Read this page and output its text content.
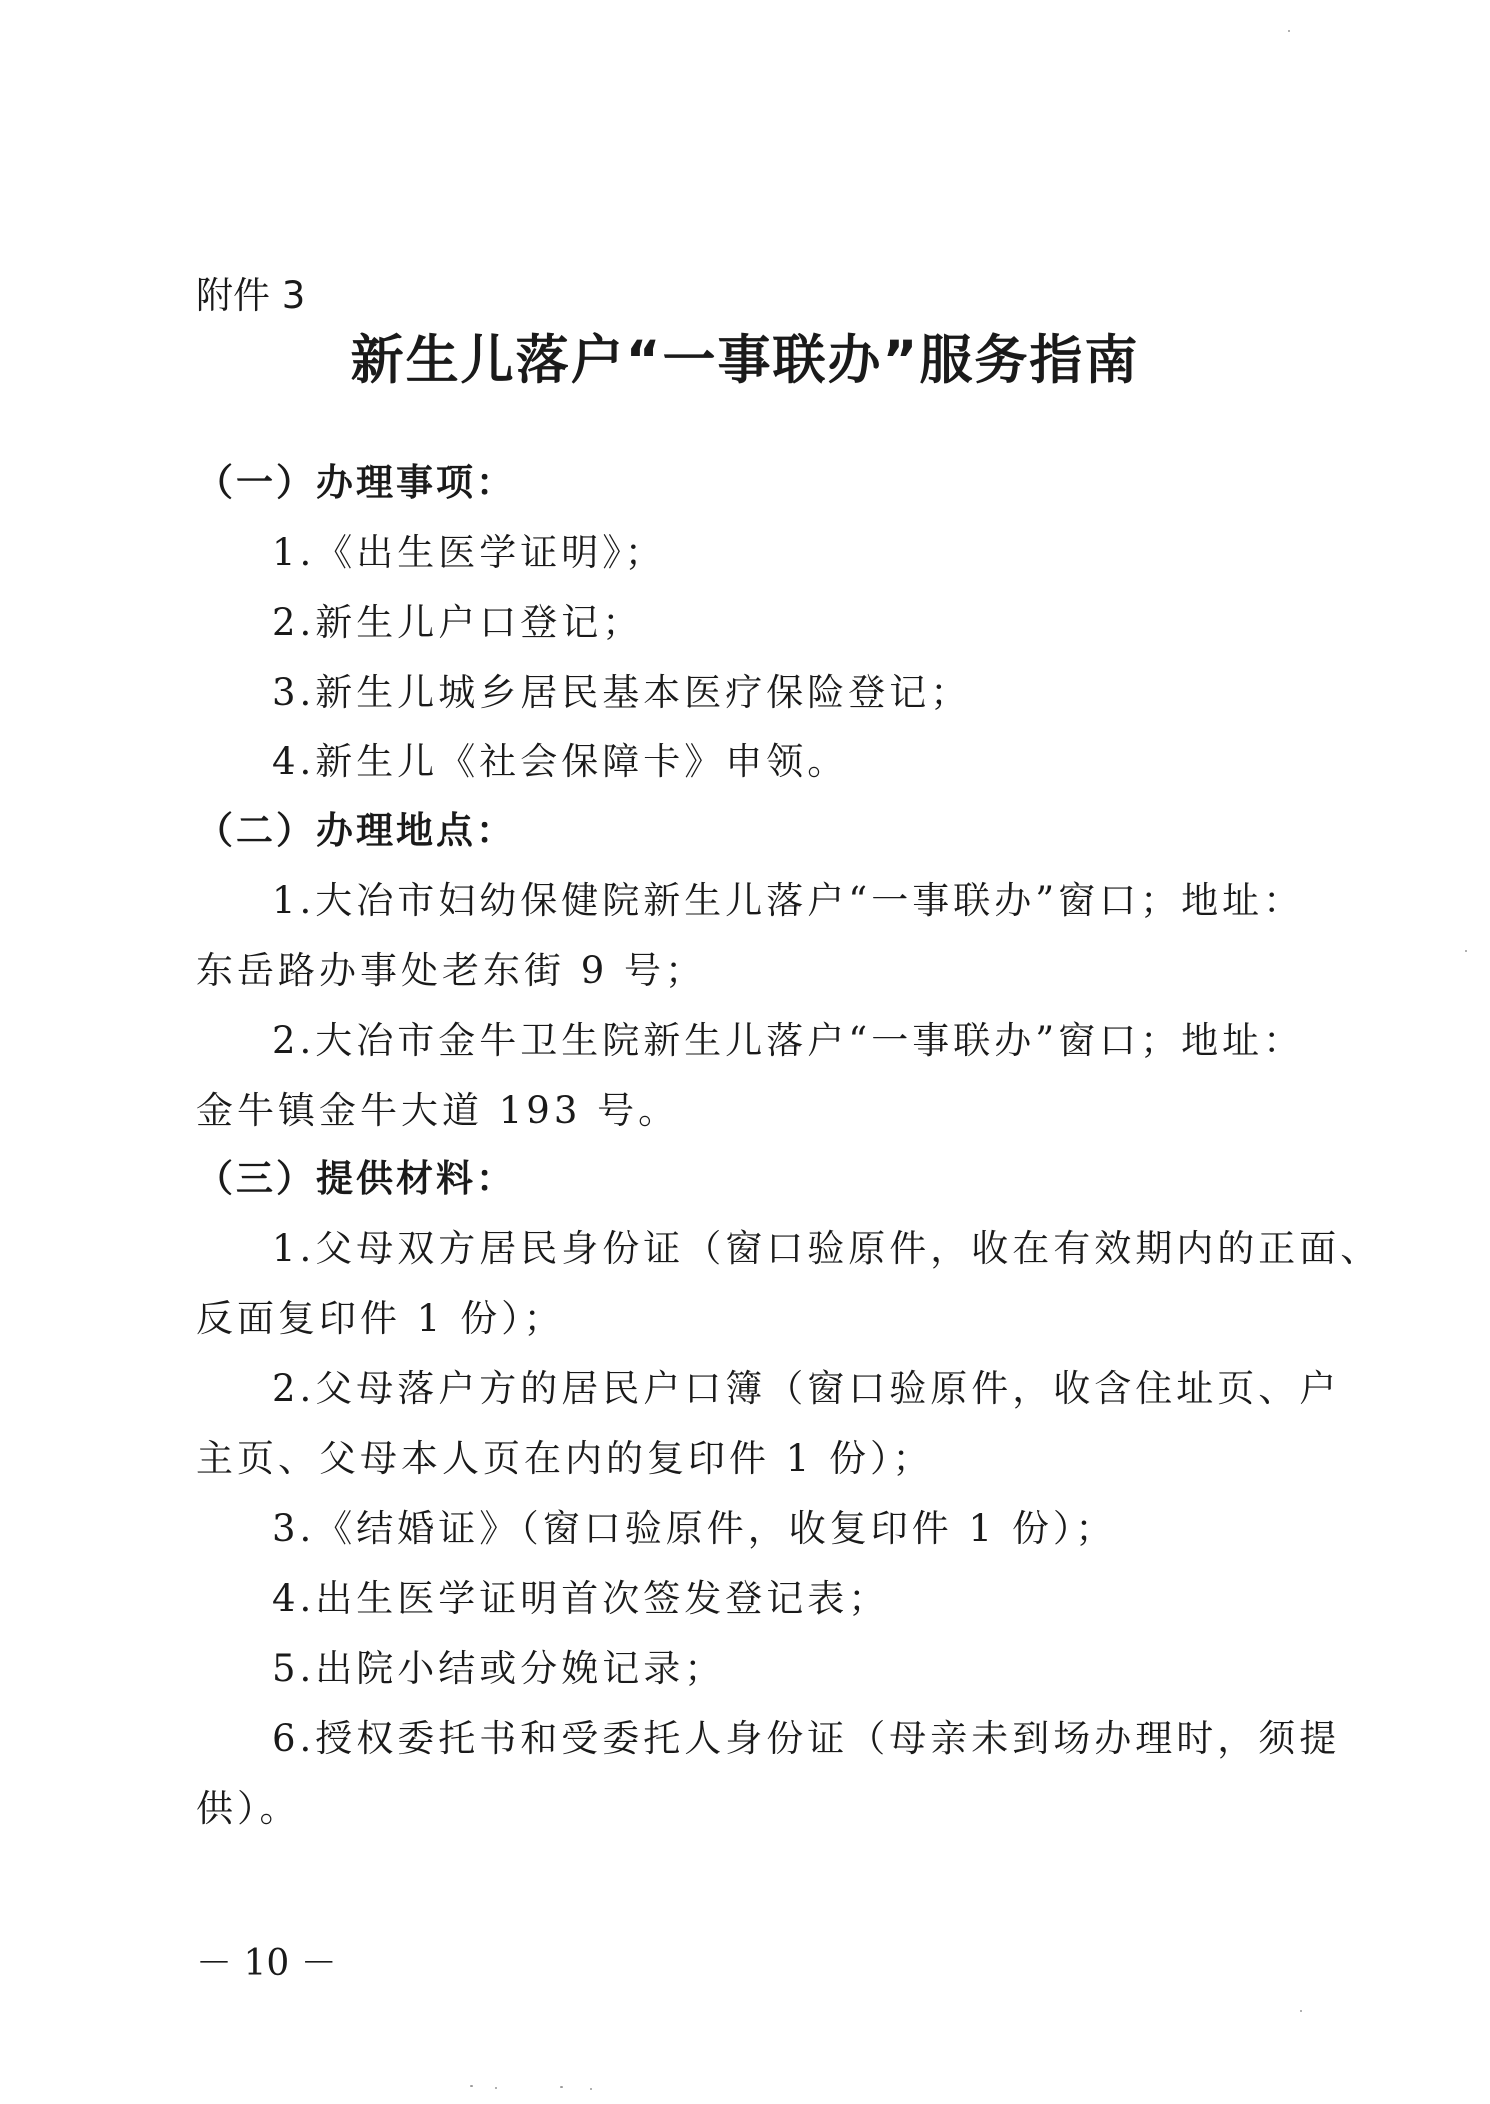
附件 3
新生儿落户“一事联办”服务指南
（一）办理事项：
1.《出生医学证明》；
2.新生儿户口登记；
3.新生儿城乡居民基本医疗保险登记；
4.新生儿《社会保障卡》申领。
（二）办理地点：
1.大冶市妇幼保健院新生儿落户“一事联办”窗口；地址：
东岳路办事处老东街 9 号；
2.大冶市金牛卫生院新生儿落户“一事联办”窗口；地址：
金牛镇金牛大道 193 号。
（三）提供材料：
1.父母双方居民身份证（窗口验原件，收在有效期内的正面、
反面复印件 1 份）；
2.父母落户方的居民户口簿（窗口验原件，收含住址页、户
主页、父母本人页在内的复印件 1 份）；
3.《结婚证》（窗口验原件，收复印件 1 份）；
4.出生医学证明首次签发登记表；
5.出院小结或分娩记录；
6.授权委托书和受委托人身份证（母亲未到场办理时，须提
供）。
－ 10 －
